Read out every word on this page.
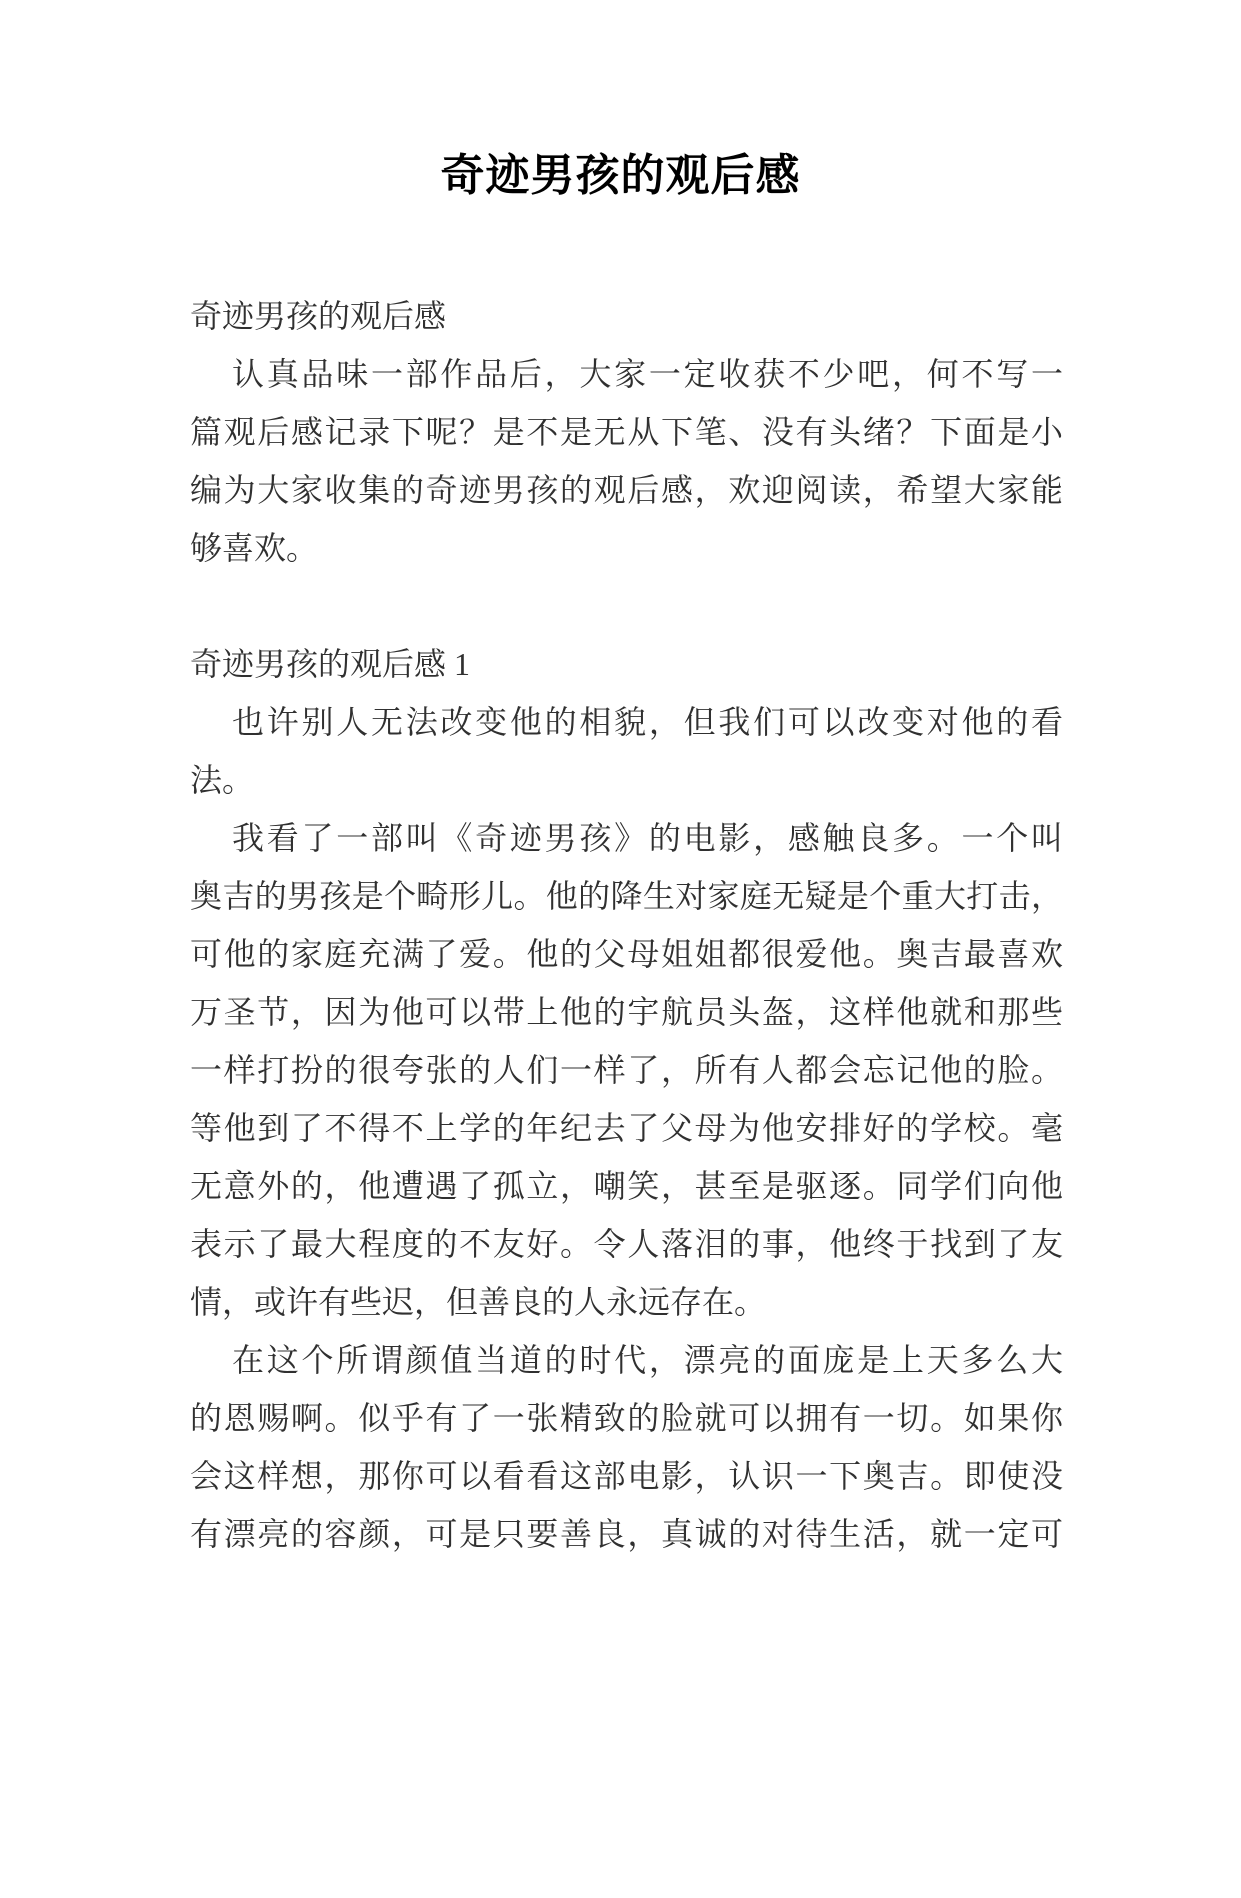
奇迹男孩的观后感
奇迹男孩的观后感
认真品味一部作品后，大家一定收获不少吧，何不写一
篇观后感记录下呢？是不是无从下笔、没有头绪？下面是小
编为大家收集的奇迹男孩的观后感，欢迎阅读，希望大家能
够喜欢。
奇迹男孩的观后感 1
也许别人无法改变他的相貌，但我们可以改变对他的看
法。
我看了一部叫《奇迹男孩》的电影，感触良多。一个叫
奥吉的男孩是个畸形儿。他的降生对家庭无疑是个重大打击，
可他的家庭充满了爱。他的父母姐姐都很爱他。奥吉最喜欢
万圣节，因为他可以带上他的宇航员头盔，这样他就和那些
一样打扮的很夸张的人们一样了，所有人都会忘记他的脸。
等他到了不得不上学的年纪去了父母为他安排好的学校。毫
无意外的，他遭遇了孤立，嘲笑，甚至是驱逐。同学们向他
表示了最大程度的不友好。令人落泪的事，他终于找到了友
情，或许有些迟，但善良的人永远存在。
在这个所谓颜值当道的时代，漂亮的面庞是上天多么大
的恩赐啊。似乎有了一张精致的脸就可以拥有一切。如果你
会这样想，那你可以看看这部电影，认识一下奥吉。即使没
有漂亮的容颜，可是只要善良，真诚的对待生活，就一定可
